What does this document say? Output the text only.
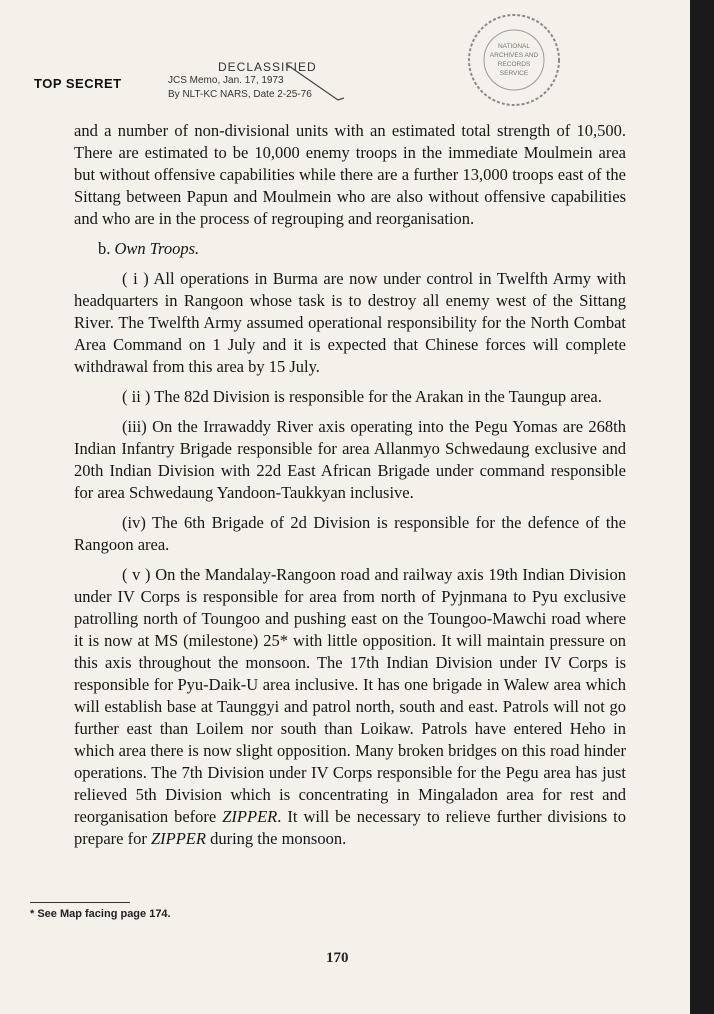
TOP SECRET
DECLASSIFIED
JCS Memo, Jan. 17, 1973
By NLT-KC NARS, Date 2-25-76
NATIONAL
ARCHIVES AND
RECORDS
SERVICE

and a number of non-divisional units with an estimated total strength of 10,500. There are estimated to be 10,000 enemy troops in the immediate Moulmein area but without offensive capabilities while there are a further 13,000 troops east of the Sittang between Papun and Moulmein who are also without offensive capabilities and who are in the process of regrouping and reorganisation.

b. Own Troops.

( i ) All operations in Burma are now under control in Twelfth Army with headquarters in Rangoon whose task is to destroy all enemy west of the Sittang River. The Twelfth Army assumed operational responsibility for the North Combat Area Command on 1 July and it is expected that Chinese forces will complete withdrawal from this area by 15 July.

( ii ) The 82d Division is responsible for the Arakan in the Taungup area.

(iii) On the Irrawaddy River axis operating into the Pegu Yomas are 268th Indian Infantry Brigade responsible for area Allanmyo Schwedaung exclusive and 20th Indian Division with 22d East African Brigade under command responsible for area Schwedaung Yandoon-Taukkyan inclusive.

(iv) The 6th Brigade of 2d Division is responsible for the defence of the Rangoon area.

( v ) On the Mandalay-Rangoon road and railway axis 19th Indian Division under IV Corps is responsible for area from north of Pyjnmana to Pyu exclusive patrolling north of Toungoo and pushing east on the Toungoo-Mawchi road where it is now at MS (milestone) 25* with little opposition. It will maintain pressure on this axis throughout the monsoon. The 17th Indian Division under IV Corps is responsible for Pyu-Daik-U area inclusive. It has one brigade in Walew area which will establish base at Taunggyi and patrol north, south and east. Patrols will not go further east than Loilem nor south than Loikaw. Patrols have entered Heho in which area there is now slight opposition. Many broken bridges on this road hinder operations. The 7th Division under IV Corps responsible for the Pegu area has just relieved 5th Division which is concentrating in Mingaladon area for rest and reorganisation before ZIPPER. It will be necessary to relieve further divisions to prepare for ZIPPER during the monsoon.

* See Map facing page 174.
170
